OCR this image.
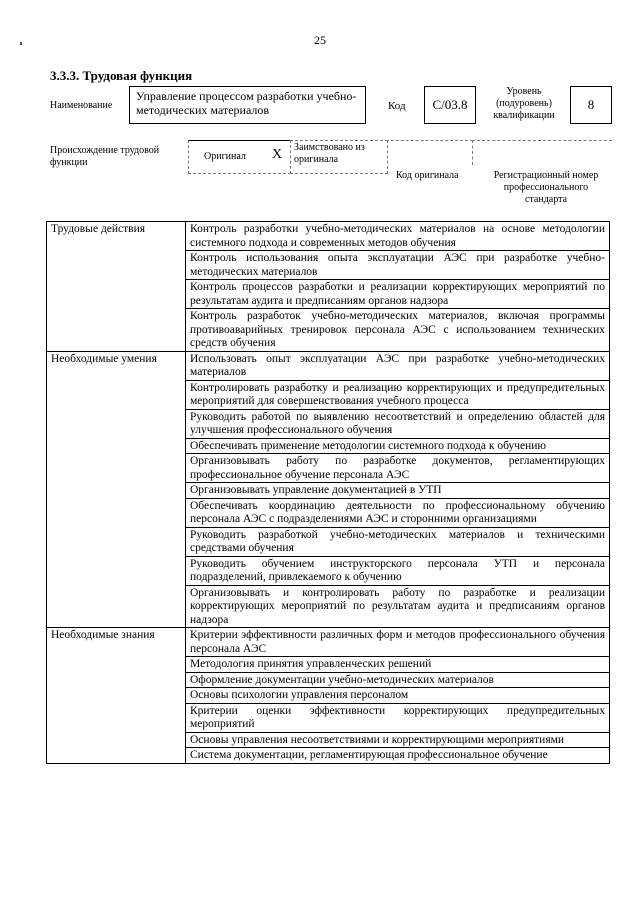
25
3.3.3. Трудовая функция
Наименование
Управление процессом разработки учебно-методических материалов	Код	С/03.8
Уровень (подуровень) квалификации
8
Происхождение трудовой функции
Оригинал Х Заимствовано из оригинала
Код оригинала	Регистрационный номер профессионального стандарта
Трудовые действия	Контроль разработки учебно-методических материалов на основе методологии системного подхода и современных методов обучения
	Контроль использования опыта эксплуатации АЭС при разработке учебно-методических материалов
	Контроль процессов разработки и реализации корректирующих мероприятий по результатам аудита и предписаниям органов надзора
	Контроль разработок учебно-методических материалов, включая программы противоаварийных тренировок персонала АЭС с использованием технических средств обучения
Необходимые умения	Использовать опыт эксплуатации АЭС при разработке учебно-методических материалов
	Контролировать разработку и реализацию корректирующих и предупредительных мероприятий для совершенствования учебного процесса
	Руководить работой по выявлению несоответствий и определению областей для улучшения профессионального обучения
	Обеспечивать применение методологии системного подхода к обучению
	Организовывать работу по разработке документов, регламентирующих профессиональное обучение персонала АЭС
	Организовывать управление документацией в УТП
	Обеспечивать координацию деятельности по профессиональному обучению персонала АЭС с подразделениями АЭС и сторонними организациями
	Руководить разработкой учебно-методических материалов и техническими средствами обучения
	Руководить обучением инструкторского персонала УТП и персонала подразделений, привлекаемого к обучению
	Организовывать и контролировать работу по разработке и реализации корректирующих мероприятий по результатам аудита и предписаниям органов надзора
Необходимые знания	Критерии эффективности различных форм и методов профессионального обучения персонала АЭС
	Методология принятия управленческих решений
	Оформление документации учебно-методических материалов
	Основы психологии управления персоналом
	Критерии оценки эффективности корректирующих предупредительных мероприятий
	Основы управления несоответствиями и корректирующими мероприятиями
	Система документации, регламентирующая профессиональное обучение
